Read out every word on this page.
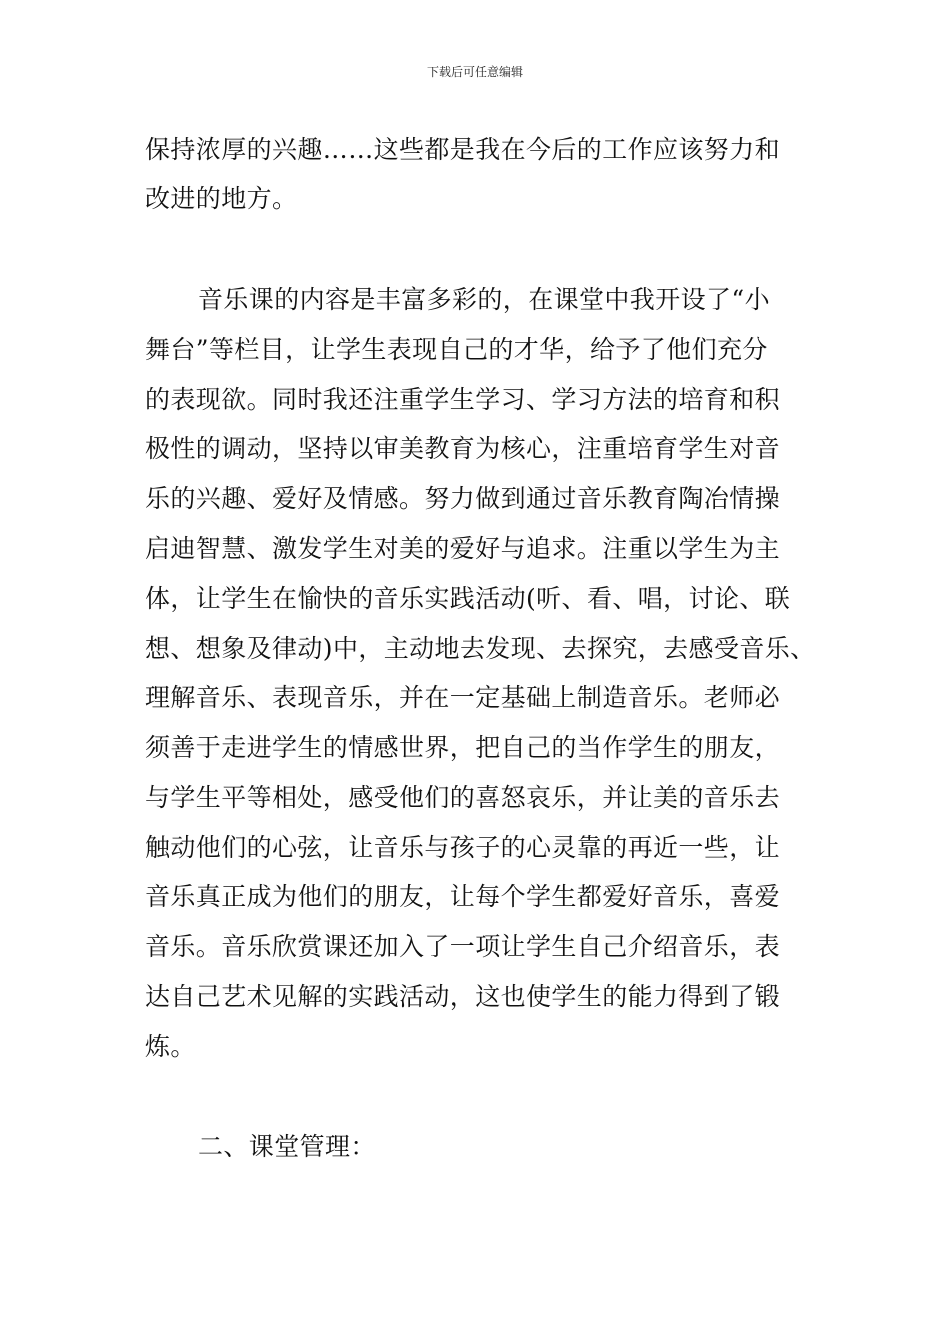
下载后可任意编辑
保持浓厚的兴趣……这些都是我在今后的工作应该努力和
改进的地方。
音乐课的内容是丰富多彩的，在课堂中我开设了“小
舞台”等栏目，让学生表现自己的才华，给予了他们充分
的表现欲。同时我还注重学生学习、学习方法的培育和积
极性的调动，坚持以审美教育为核心，注重培育学生对音
乐的兴趣、爱好及情感。努力做到通过音乐教育陶冶情操
启迪智慧、激发学生对美的爱好与追求。注重以学生为主
体，让学生在愉快的音乐实践活动(听、看、唱，讨论、联
想、想象及律动)中，主动地去发现、去探究，去感受音乐、
理解音乐、表现音乐，并在一定基础上制造音乐。老师必
须善于走进学生的情感世界，把自己的当作学生的朋友，
与学生平等相处，感受他们的喜怒哀乐，并让美的音乐去
触动他们的心弦，让音乐与孩子的心灵靠的再近一些，让
音乐真正成为他们的朋友，让每个学生都爱好音乐，喜爱
音乐。音乐欣赏课还加入了一项让学生自己介绍音乐，表
达自己艺术见解的实践活动，这也使学生的能力得到了锻
炼。
二、课堂管理：
